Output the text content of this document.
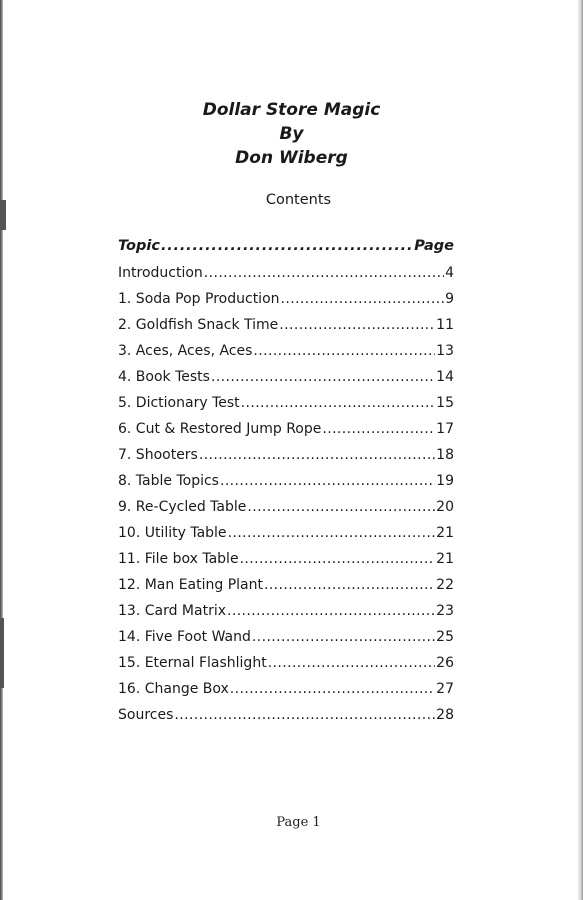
Dollar Store Magic
By
Don Wiberg
Contents
Topic .....	Page
Introduction .....	4
1. Soda Pop Production .....	9
2. Goldfish Snack Time .....	11
3. Aces, Aces, Aces .....	13
4. Book Tests .....	14
5. Dictionary Test .....	15
6. Cut & Restored Jump Rope .....	17
7. Shooters .....	18
8. Table Topics .....	19
9. Re-Cycled Table .....	20
10. Utility Table .....	21
11. File box Table .....	21
12. Man Eating Plant .....	22
13. Card Matrix .....	23
14. Five Foot Wand .....	25
15. Eternal Flashlight .....	26
16. Change Box .....	27
Sources .....	28
Page 1
